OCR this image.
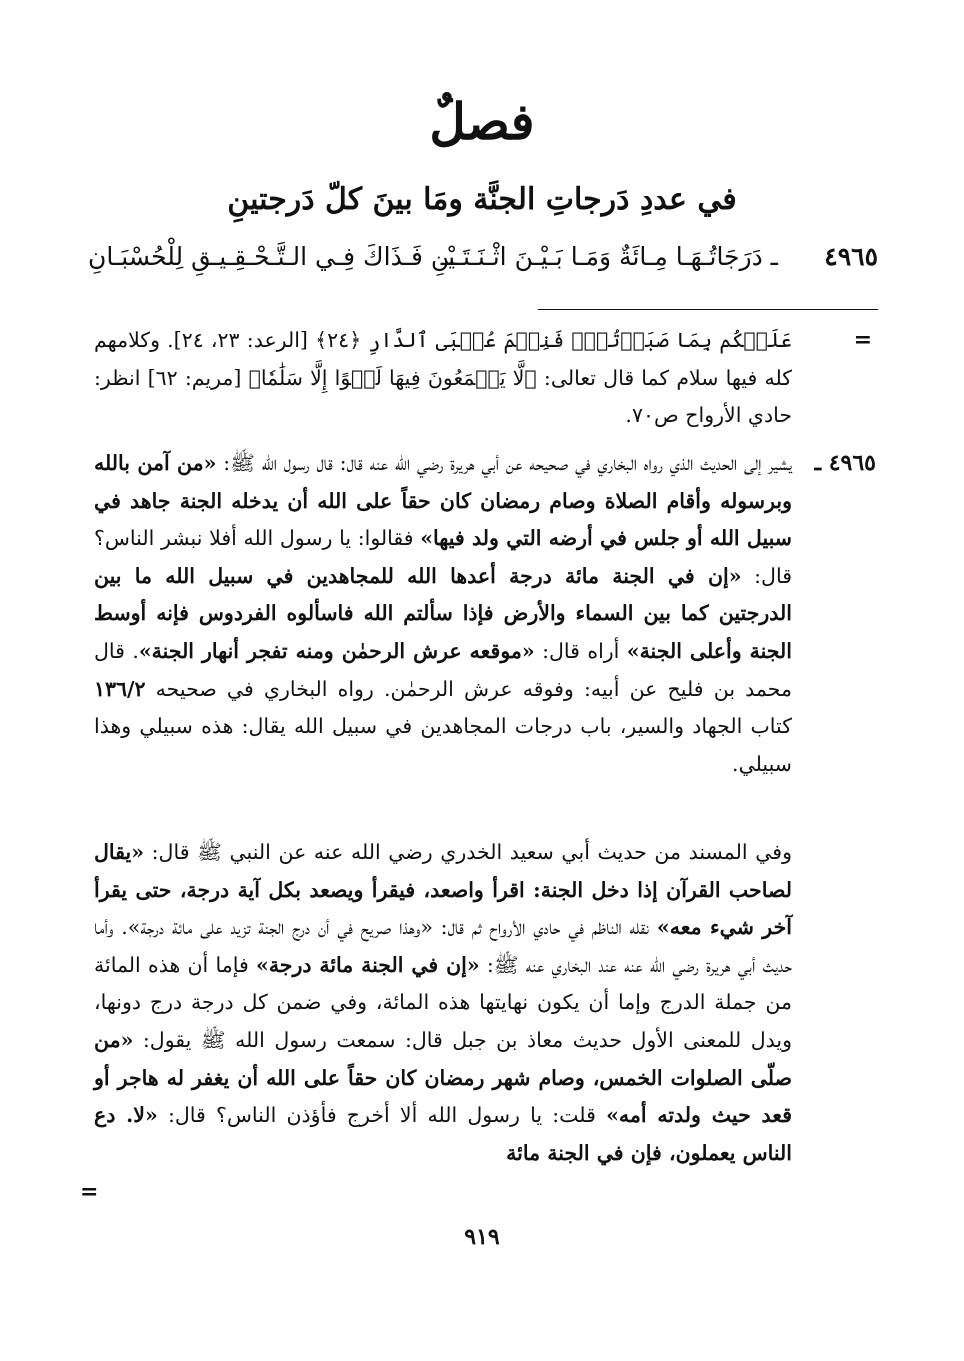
فصلٌ
في عددِ دَرجاتِ الجنَّة ومَا بينَ كلّ دَرجتينِ
٤٩٦٥
ـ دَرَجَاتُـهَـا مِـائَةٌ وَمَـا بَـيْـنَ اثْـنَـتَـيْـ
ـنِ فَـذَاكَ فِـي الـتَّـحْـقِـيـقِ لِلْحُسْبَـانِ
=

عَلَيۡكُم بِمَا صَبَرۡتُمۡۚ فَنِعۡمَ عُقۡبَى ٱلدَّارِ ﴿٢٤﴾ [الرعد: ٢٣، ٢٤]. وكلامهم كله فيها سلام كما قال تعالى: ﴿لَّا يَسۡمَعُونَ فِيهَا لَغۡوًا إِلَّا سَلَٰمٗا﴾ [مريم: ٦٢] انظر: حادي الأرواح ص٧٠.

٤٩٦٥ ـ

يشير إلى الحديث الذي رواه البخاري في صحيحه عن أبي هريرة رضي الله عنه قال: قال رسول الله ﷺ: «من آمن بالله وبرسوله وأقام الصلاة وصام رمضان كان حقاً على الله أن يدخله الجنة جاهد في سبيل الله أو جلس في أرضه التي ولد فيها» فقالوا: يا رسول الله أفلا نبشر الناس؟ قال: «إن في الجنة مائة درجة أعدها الله للمجاهدين في سبيل الله ما بين الدرجتين كما بين السماء والأرض فإذا سألتم الله فاسألوه الفردوس فإنه أوسط الجنة وأعلى الجنة» أراه قال: «موقعه عرش الرحمٰن ومنه تفجر أنهار الجنة». قال محمد بن فليح عن أبيه: وفوقه عرش الرحمٰن. رواه البخاري في صحيحه ١٣٦/٢ كتاب الجهاد والسير، باب درجات المجاهدين في سبيل الله يقال: هذه سبيلي وهذا سبيلي.

وفي المسند من حديث أبي سعيد الخدري رضي الله عنه عن النبي ﷺ قال: «يقال لصاحب القرآن إذا دخل الجنة: اقرأ واصعد، فيقرأ ويصعد بكل آية درجة، حتى يقرأ آخر شيء معه» نقله الناظم في حادي الأرواح ثم قال: «وهذا صريح في أن درج الجنة تزيد على مائة درجة». وأما حديث أبي هريرة رضي الله عنه عند البخاري عنه ﷺ: «إن في الجنة مائة درجة» فإما أن هذه المائة من جملة الدرج وإما أن يكون نهايتها هذه المائة، وفي ضمن كل درجة درج دونها، ويدل للمعنى الأول حديث معاذ بن جبل قال: سمعت رسول الله ﷺ يقول: «من صلّى الصلوات الخمس، وصام شهر رمضان كان حقاً على الله أن يغفر له هاجر أو قعد حيث ولدته أمه» قلت: يا رسول الله ألا أخرج فأؤذن الناس؟ قال: «لا. دع الناس يعملون، فإن في الجنة مائة

=
٩١٩
